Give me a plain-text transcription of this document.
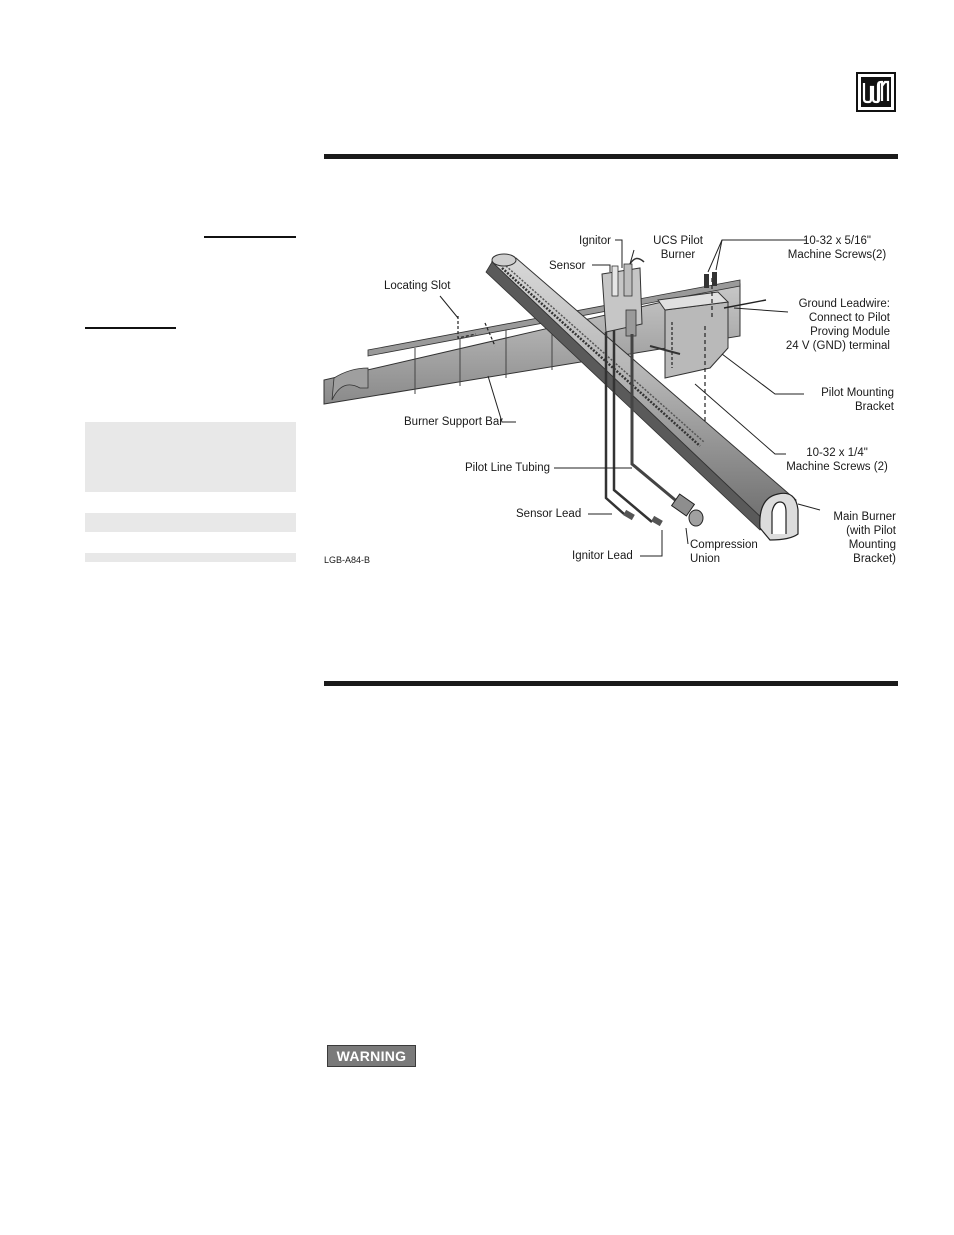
Ignitor	UCS Pilot
Burner
Sensor
10-32 x 5/16"
Machine Screws(2)
Locating Slot
Ground Leadwire:
Connect to Pilot
Proving Module
24 V (GND) terminal
Pilot Mounting
Bracket
Burner Support Bar
10-32 x 1/4"
Machine Screws (2)
Pilot Line Tubing
Sensor Lead	Main Burner
(with Pilot
Mounting
Bracket)
Ignitor Lead
Compression
Union
LGB-A84-B
WARNING
